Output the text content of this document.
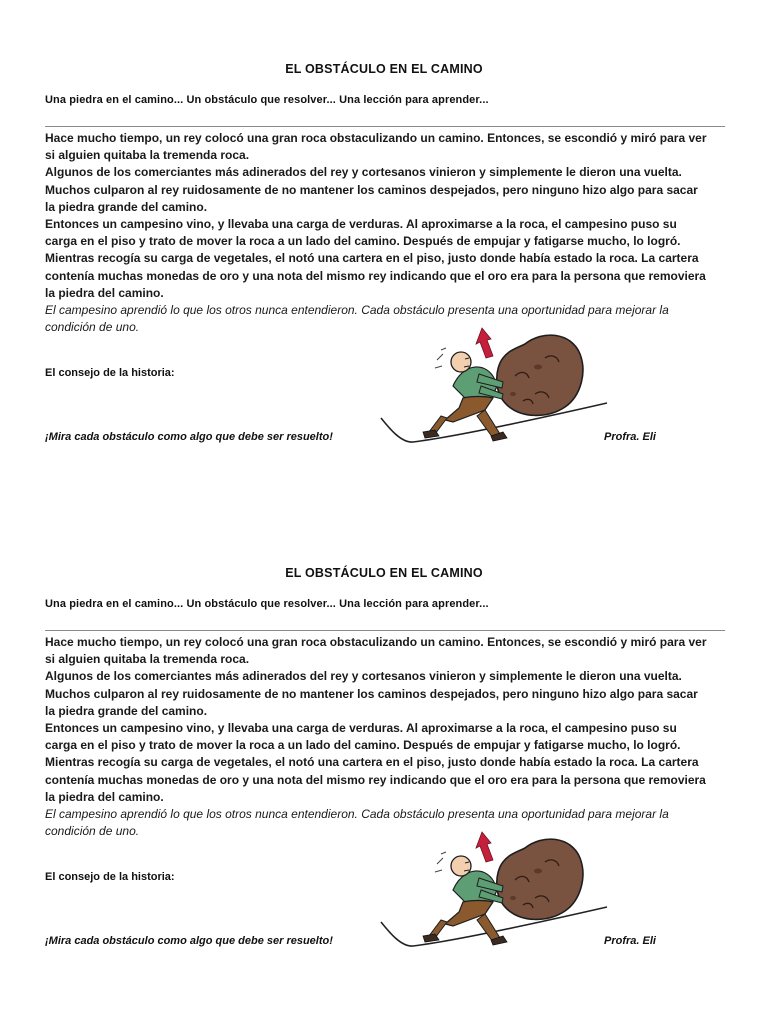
EL OBSTÁCULO EN EL CAMINO
Una piedra en el camino... Un obstáculo que resolver... Una lección para aprender...

Hace mucho tiempo, un rey colocó una gran roca obstaculizando un camino. Entonces, se escondió y miró para ver si alguien quitaba la tremenda roca.

Algunos de los comerciantes más adinerados del rey y cortesanos vinieron y simplemente le dieron una vuelta.

Muchos culparon al rey ruidosamente de no mantener los caminos despejados, pero ninguno hizo algo para sacar la piedra grande del camino.

Entonces un campesino vino, y llevaba una carga de verduras. Al aproximarse a la roca, el campesino puso su carga en el piso y trato de mover la roca a un lado del camino. Después de empujar y fatigarse mucho, lo logró.

Mientras recogía su carga de vegetales, el notó una cartera en el piso, justo donde había estado la roca. La cartera contenía muchas monedas de oro y una nota del mismo rey indicando que el oro era para la persona que removiera la piedra del camino.

El campesino aprendió lo que los otros nunca entendieron. Cada obstáculo presenta una oportunidad para mejorar la condición de uno.

El consejo de la historia:
¡Mira cada obstáculo como algo que debe ser resuelto!	Profra. Eli
EL OBSTÁCULO EN EL CAMINO
Una piedra en el camino... Un obstáculo que resolver... Una lección para aprender...

Hace mucho tiempo, un rey colocó una gran roca obstaculizando un camino. Entonces, se escondió y miró para ver si alguien quitaba la tremenda roca.

Algunos de los comerciantes más adinerados del rey y cortesanos vinieron y simplemente le dieron una vuelta.

Muchos culparon al rey ruidosamente de no mantener los caminos despejados, pero ninguno hizo algo para sacar la piedra grande del camino.

Entonces un campesino vino, y llevaba una carga de verduras. Al aproximarse a la roca, el campesino puso su carga en el piso y trato de mover la roca a un lado del camino. Después de empujar y fatigarse mucho, lo logró.

Mientras recogía su carga de vegetales, el notó una cartera en el piso, justo donde había estado la roca. La cartera contenía muchas monedas de oro y una nota del mismo rey indicando que el oro era para la persona que removiera la piedra del camino.

El campesino aprendió lo que los otros nunca entendieron. Cada obstáculo presenta una oportunidad para mejorar la condición de uno.

El consejo de la historia:
¡Mira cada obstáculo como algo que debe ser resuelto!	Profra. Eli
